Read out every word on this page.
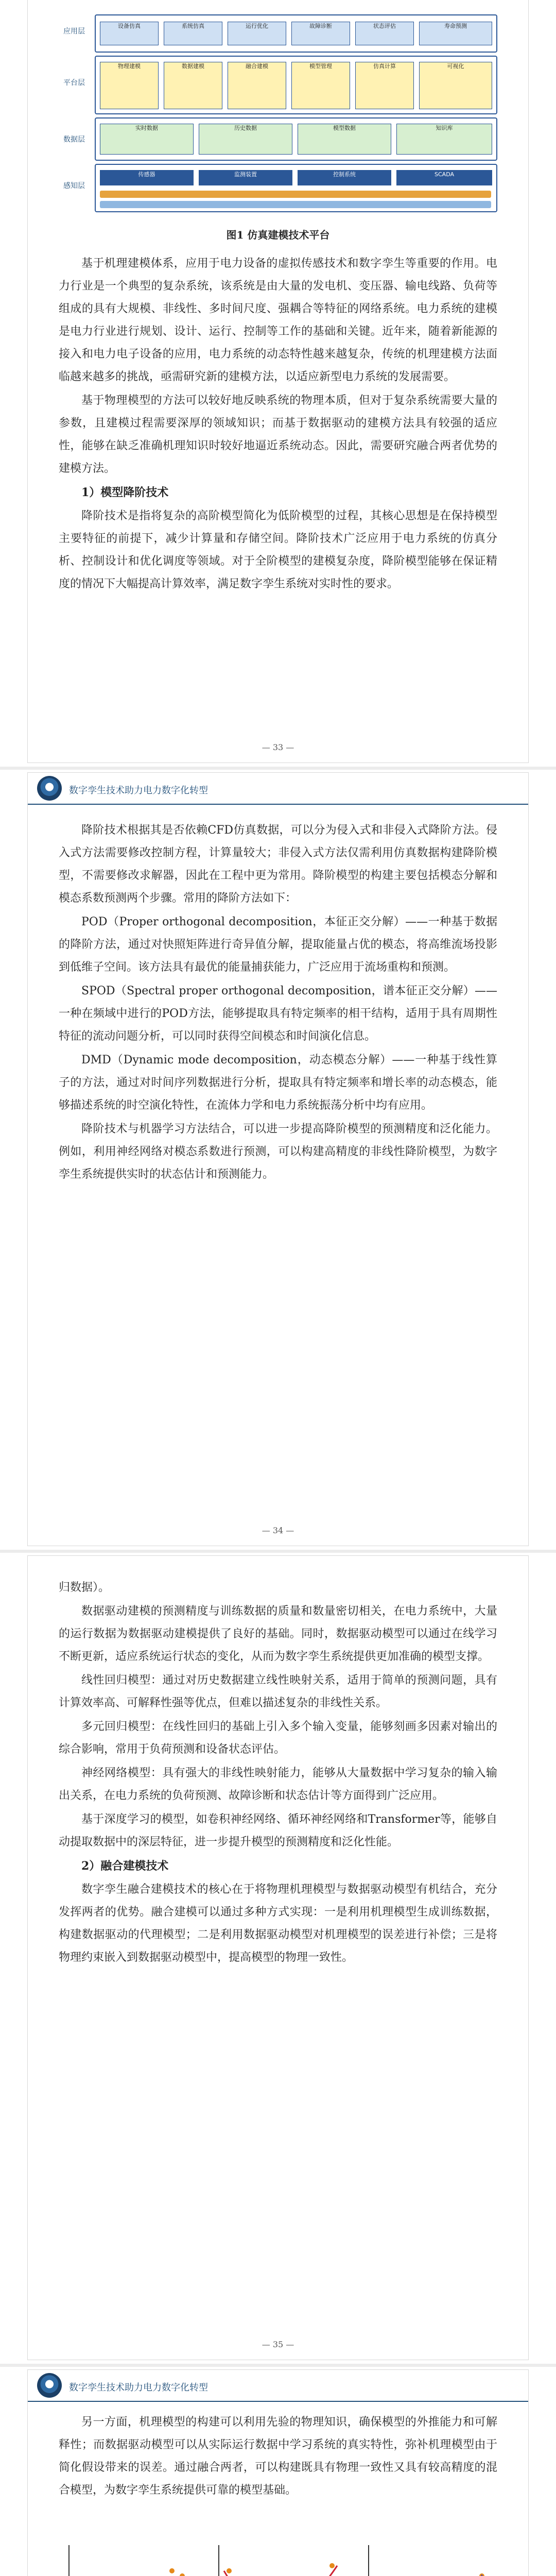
应用层
设备仿真	系统仿真	运行优化	故障诊断	状态评估	寿命预测
平台层
物理建模	数据建模	融合建模	模型管理	仿真计算	可视化
数据层
实时数据	历史数据	模型数据	知识库
感知层
传感器	监测装置	控制系统	SCADA
图1 仿真建模技术平台

基于机理建模体系，应用于电力设备的虚拟传感技术和数字孪生等重要的作用。电力行业是一个典型的复杂系统，该系统是由大量的发电机、变压器、输电线路、负荷等组成的具有大规模、非线性、多时间尺度、强耦合等特征的网络系统。电力系统的建模是电力行业进行规划、设计、运行、控制等工作的基础和关键。近年来，随着新能源的接入和电力电子设备的应用，电力系统的动态特性越来越复杂，传统的机理建模方法面临越来越多的挑战，亟需研究新的建模方法，以适应新型电力系统的发展需要。

基于物理模型的方法可以较好地反映系统的物理本质，但对于复杂系统需要大量的参数，且建模过程需要深厚的领域知识；而基于数据驱动的建模方法具有较强的适应性，能够在缺乏准确机理知识时较好地逼近系统动态。因此，需要研究融合两者优势的建模方法。

1）模型降阶技术

降阶技术是指将复杂的高阶模型简化为低阶模型的过程，其核心思想是在保持模型主要特征的前提下，减少计算量和存储空间。降阶技术广泛应用于电力系统的仿真分析、控制设计和优化调度等领域。对于全阶模型的建模复杂度，降阶模型能够在保证精度的情况下大幅提高计算效率，满足数字孪生系统对实时性的要求。

— 33 —
数字孪生技术助力电力数字化转型

降阶技术根据其是否依赖CFD仿真数据，可以分为侵入式和非侵入式降阶方法。侵入式方法需要修改控制方程，计算量较大；非侵入式方法仅需利用仿真数据构建降阶模型，不需要修改求解器，因此在工程中更为常用。降阶模型的构建主要包括模态分解和模态系数预测两个步骤。常用的降阶方法如下：

POD（Proper orthogonal decomposition，本征正交分解）——一种基于数据的降阶方法，通过对快照矩阵进行奇异值分解，提取能量占优的模态，将高维流场投影到低维子空间。该方法具有最优的能量捕获能力，广泛应用于流场重构和预测。

SPOD（Spectral proper orthogonal decomposition，谱本征正交分解）——一种在频域中进行的POD方法，能够提取具有特定频率的相干结构，适用于具有周期性特征的流动问题分析，可以同时获得空间模态和时间演化信息。

DMD（Dynamic mode decomposition，动态模态分解）——一种基于线性算子的方法，通过对时间序列数据进行分析，提取具有特定频率和增长率的动态模态，能够描述系统的时空演化特性，在流体力学和电力系统振荡分析中均有应用。

降阶技术与机器学习方法结合，可以进一步提高降阶模型的预测精度和泛化能力。例如，利用神经网络对模态系数进行预测，可以构建高精度的非线性降阶模型，为数字孪生系统提供实时的状态估计和预测能力。

— 34 —

归数据）。

数据驱动建模的预测精度与训练数据的质量和数量密切相关，在电力系统中，大量的运行数据为数据驱动建模提供了良好的基础。同时，数据驱动模型可以通过在线学习不断更新，适应系统运行状态的变化，从而为数字孪生系统提供更加准确的模型支撑。

线性回归模型：通过对历史数据建立线性映射关系，适用于简单的预测问题，具有计算效率高、可解释性强等优点，但难以描述复杂的非线性关系。

多元回归模型：在线性回归的基础上引入多个输入变量，能够刻画多因素对输出的综合影响，常用于负荷预测和设备状态评估。

神经网络模型：具有强大的非线性映射能力，能够从大量数据中学习复杂的输入输出关系，在电力系统的负荷预测、故障诊断和状态估计等方面得到广泛应用。

基于深度学习的模型，如卷积神经网络、循环神经网络和Transformer等，能够自动提取数据中的深层特征，进一步提升模型的预测精度和泛化性能。

2）融合建模技术

数字孪生融合建模技术的核心在于将物理机理模型与数据驱动模型有机结合，充分发挥两者的优势。融合建模可以通过多种方式实现：一是利用机理模型生成训练数据，构建数据驱动的代理模型；二是利用数据驱动模型对机理模型的误差进行补偿；三是将物理约束嵌入到数据驱动模型中，提高模型的物理一致性。

— 35 —
数字孪生技术助力电力数字化转型

另一方面，机理模型的构建可以利用先验的物理知识，确保模型的外推能力和可解释性；而数据驱动模型可以从实际运行数据中学习系统的真实特性，弥补机理模型由于简化假设带来的误差。通过融合两者，可以构建既具有物理一致性又具有较高精度的混合模型，为数字孪生系统提供可靠的模型基础。
